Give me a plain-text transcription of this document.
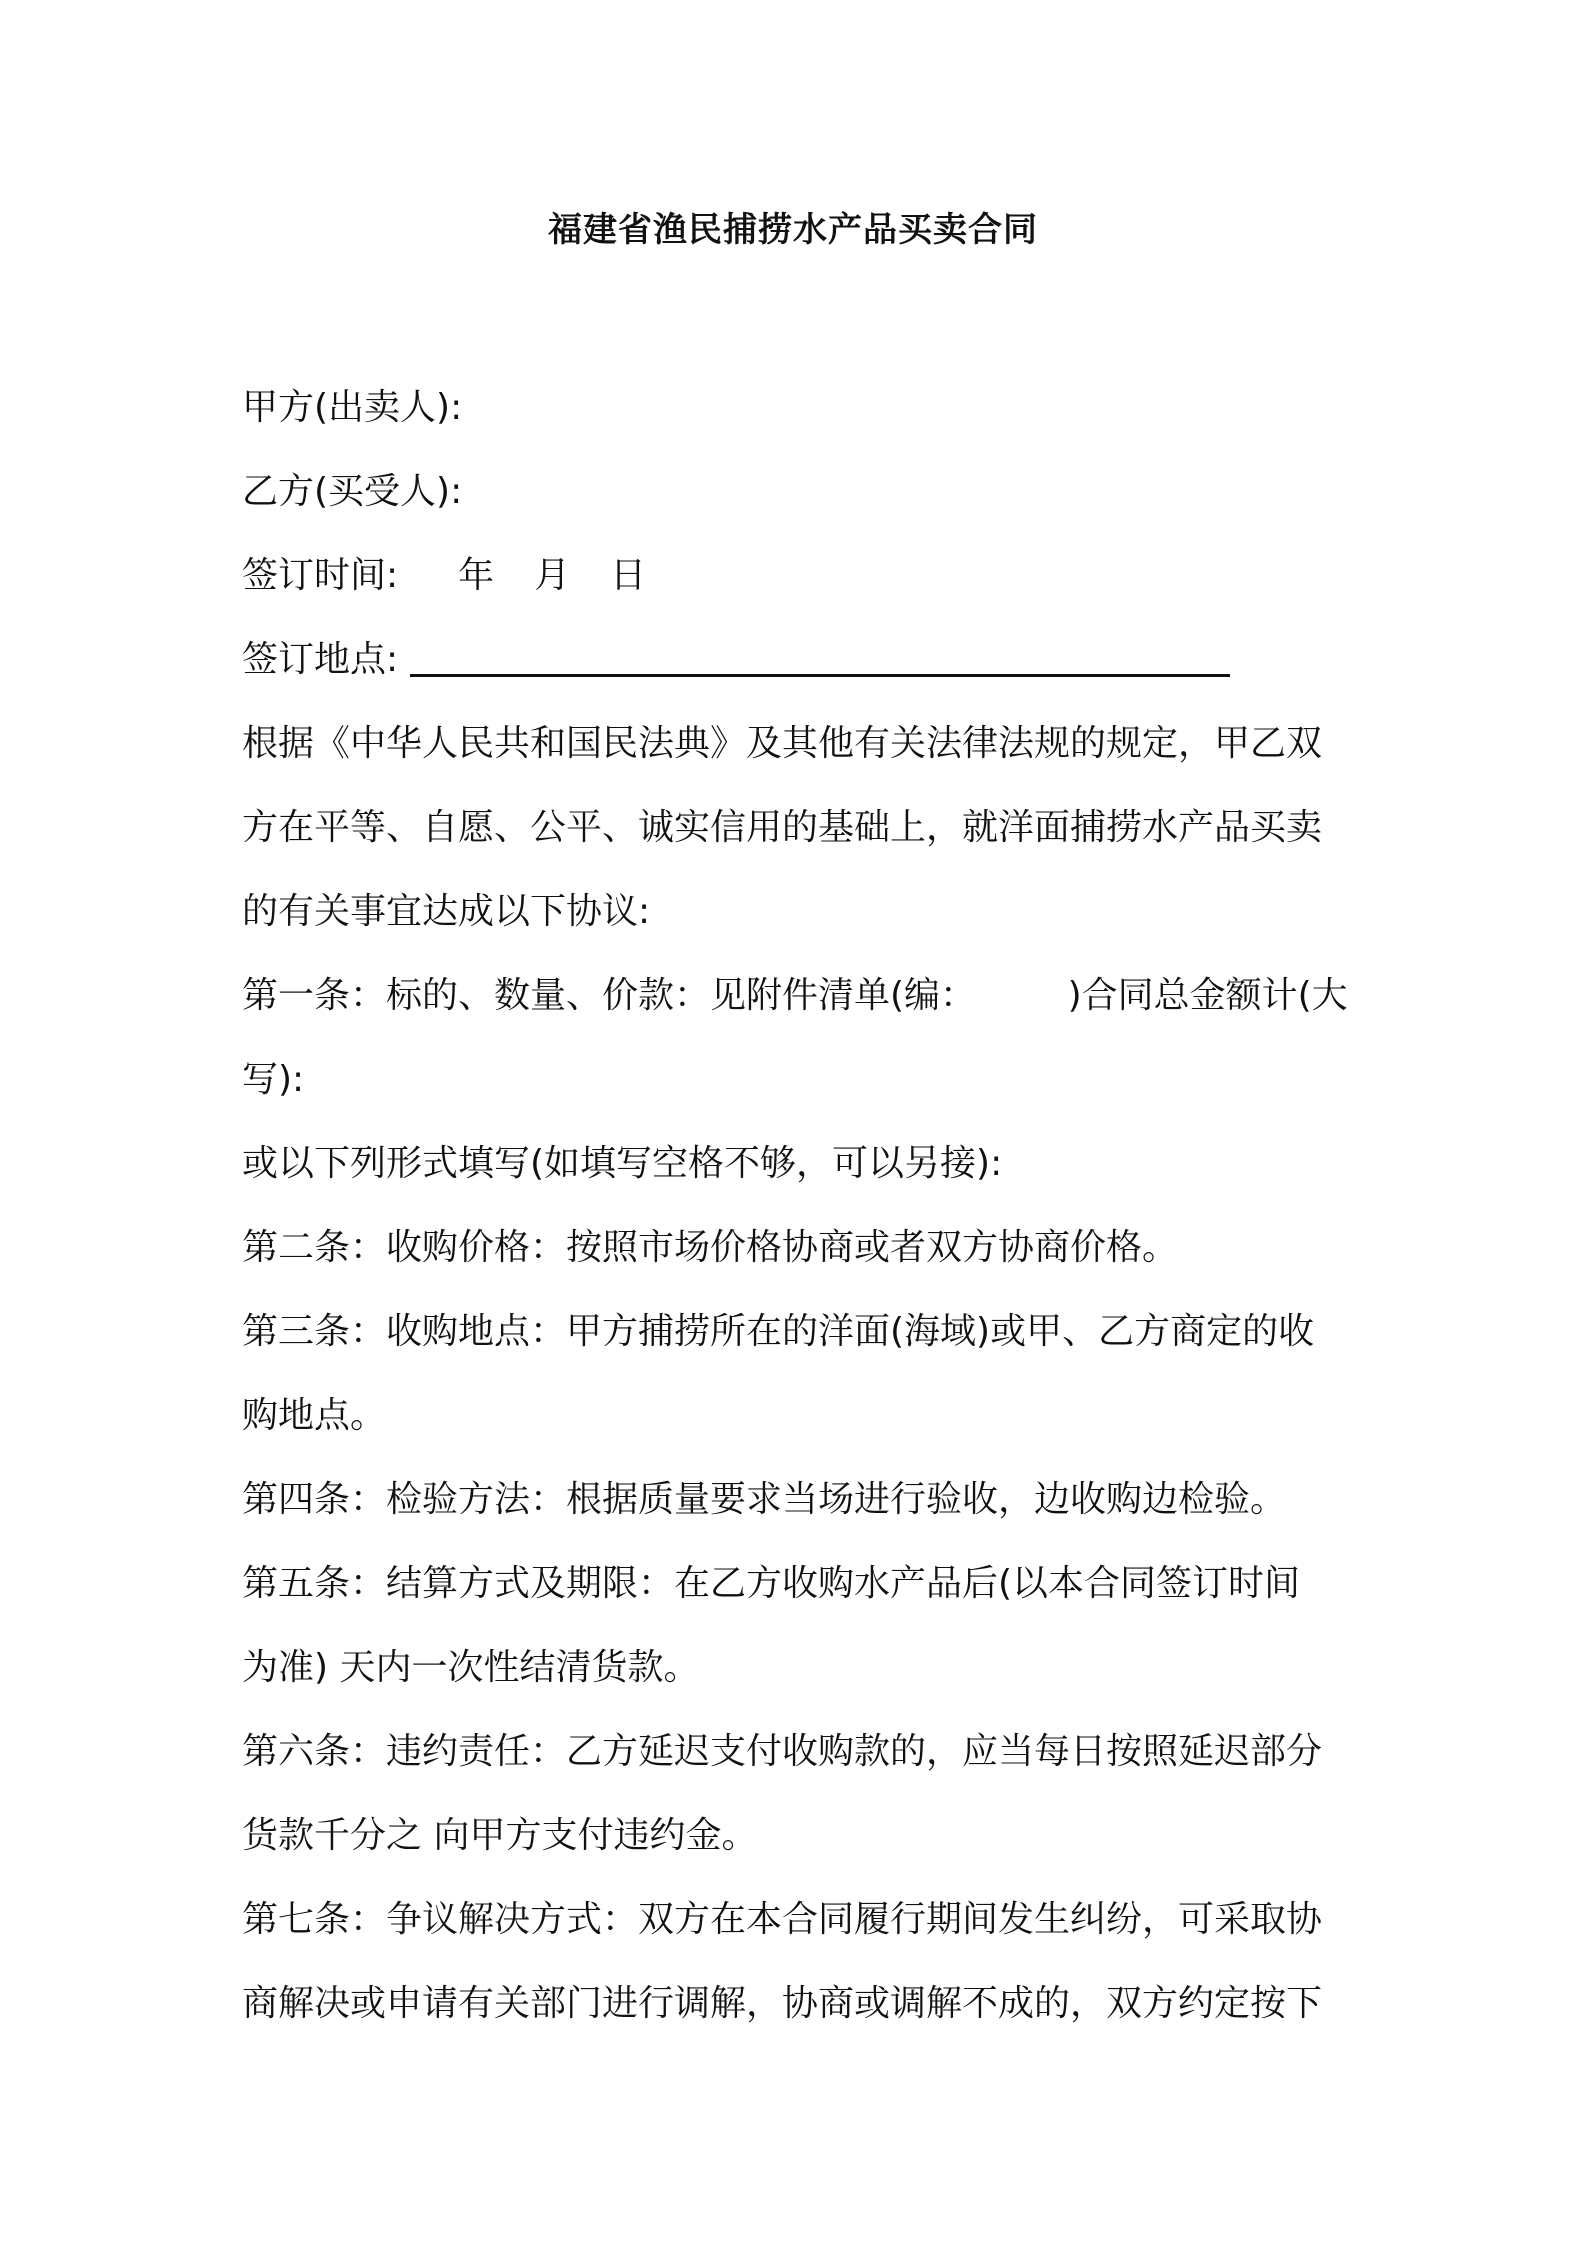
福建省渔民捕捞水产品买卖合同
甲方(出卖人):
乙方(买受人):
签订时间: 年 月 日
签订地点:
根据《中华人民共和国民法典》及其他有关法律法规的规定，甲乙双
方在平等、自愿、公平、诚实信用的基础上，就洋面捕捞水产品买卖
的有关事宜达成以下协议:
第一条：标的、数量、价款：见附件清单(编：        )合同总金额计(大
写):
或以下列形式填写(如填写空格不够，可以另接):
第二条：收购价格：按照市场价格协商或者双方协商价格。
第三条：收购地点：甲方捕捞所在的洋面(海域)或甲、乙方商定的收
购地点。
第四条：检验方法：根据质量要求当场进行验收，边收购边检验。
第五条：结算方式及期限：在乙方收购水产品后(以本合同签订时间
为准) 天内一次性结清货款。
第六条：违约责任：乙方延迟支付收购款的，应当每日按照延迟部分
货款千分之 向甲方支付违约金。
第七条：争议解决方式：双方在本合同履行期间发生纠纷，可采取协
商解决或申请有关部门进行调解，协商或调解不成的，双方约定按下
